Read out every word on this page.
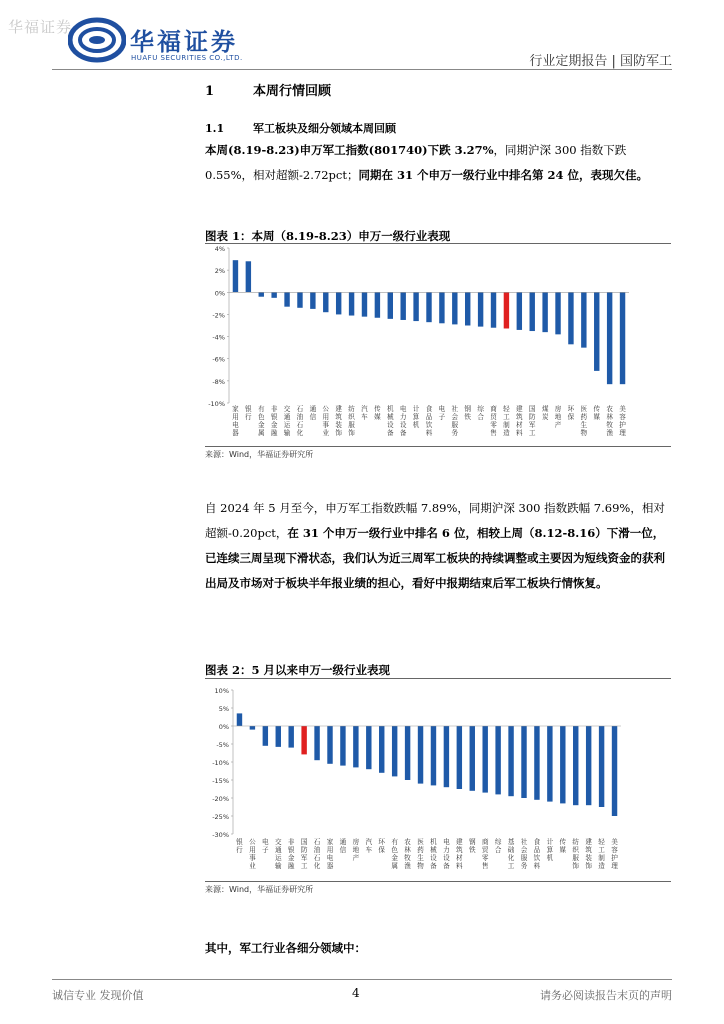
华福证券
华福证券
HUAFU SECURITIES CO.,LTD.	行业定期报告 | 国防军工
1	本周行情回顾
1.1	军工板块及细分领域本周回顾
本周(8.19-8.23)申万军工指数(801740)下跌 3.27%，同期沪深 300 指数下跌 0.55%，相对超额-2.72pct；同期在 31 个申万一级行业中排名第 24 位，表现欠佳。
图表 1：本周（8.19-8.23）申万一级行业表现
4%
2%
0%
-2%
-4%
-6%
-8%
-10%
家用电器
银行
有色金属
非银金融
交通运输
石油石化
通信
公用事业
建筑装饰
纺织服饰
汽车
传媒
机械设备
电力设备
计算机
食品饮料
电子
社会服务
钢铁
综合
商贸零售
轻工制造
建筑材料
国防军工
煤炭
房地产
环保
医药生物
传媒
农林牧渔
美容护理
来源：Wind，华福证券研究所
自 2024 年 5 月至今，申万军工指数跌幅 7.89%，同期沪深 300 指数跌幅 7.69%，相对超额-0.20pct，在 31 个申万一级行业中排名 6 位，相较上周（8.12-8.16）下滑一位，已连续三周呈现下滑状态，我们认为近三周军工板块的持续调整或主要因为短线资金的获利出局及市场对于板块半年报业绩的担心，看好中报期结束后军工板块行情恢复。
图表 2：5 月以来申万一级行业表现
10%
5%
0%
-5%
-10%
-15%
-20%
-25%
-30%
银行
公用事业
电子
交通运输
非银金融
国防军工
石油石化
家用电器
通信
房地产
汽车
环保
有色金属
农林牧渔
医药生物
机械设备
电力设备
建筑材料
钢铁
商贸零售
综合
基础化工
社会服务
食品饮料
计算机
传媒
纺织服饰
建筑装饰
轻工制造
美容护理
来源：Wind，华福证券研究所
其中，军工行业各细分领域中：
诚信专业 发现价值	4	请务必阅读报告末页的声明
